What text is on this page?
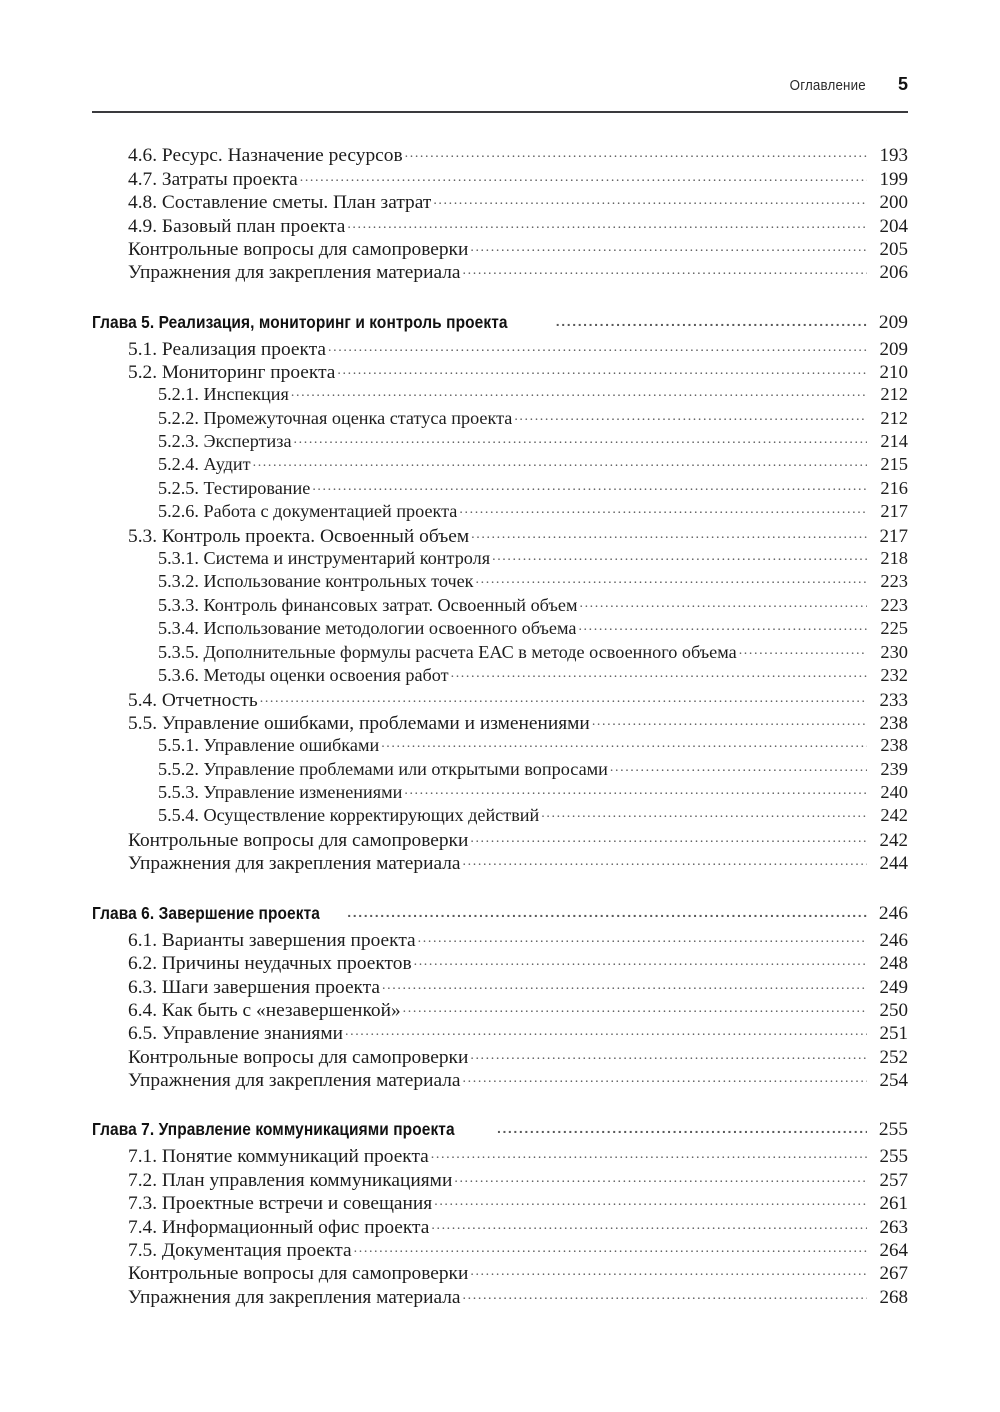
Оглавление	5
4.6. Ресурс. Назначение ресурсов .....	193
4.7. Затраты проекта .....	199
4.8. Составление сметы. План затрат .....	200
4.9. Базовый план проекта .....	204
Контрольные вопросы для самопроверки .....	205
Упражнения для закрепления материала .....	206
Глава 5. Реализация, мониторинг и контроль проекта .....	209
5.1. Реализация проекта .....	209
5.2. Мониторинг проекта .....	210
5.2.1. Инспекция .....	212
5.2.2. Промежуточная оценка статуса проекта .....	212
5.2.3. Экспертиза .....	214
5.2.4. Аудит .....	215
5.2.5. Тестирование .....	216
5.2.6. Работа с документацией проекта .....	217
5.3. Контроль проекта. Освоенный объем .....	217
5.3.1. Система и инструментарий контроля .....	218
5.3.2. Использование контрольных точек .....	223
5.3.3. Контроль финансовых затрат. Освоенный объем .....	223
5.3.4. Использование методологии освоенного объема .....	225
5.3.5. Дополнительные формулы расчета ЕАС в методе освоенного объема .....	230
5.3.6. Методы оценки освоения работ .....	232
5.4. Отчетность .....	233
5.5. Управление ошибками, проблемами и изменениями .....	238
5.5.1. Управление ошибками .....	238
5.5.2. Управление проблемами или открытыми вопросами .....	239
5.5.3. Управление изменениями .....	240
5.5.4. Осуществление корректирующих действий .....	242
Контрольные вопросы для самопроверки .....	242
Упражнения для закрепления материала .....	244
Глава 6. Завершение проекта .....	246
6.1. Варианты завершения проекта .....	246
6.2. Причины неудачных проектов .....	248
6.3. Шаги завершения проекта .....	249
6.4. Как быть с «незавершенкой» .....	250
6.5. Управление знаниями .....	251
Контрольные вопросы для самопроверки .....	252
Упражнения для закрепления материала .....	254
Глава 7. Управление коммуникациями проекта .....	255
7.1. Понятие коммуникаций проекта .....	255
7.2. План управления коммуникациями .....	257
7.3. Проектные встречи и совещания .....	261
7.4. Информационный офис проекта .....	263
7.5. Документация проекта .....	264
Контрольные вопросы для самопроверки .....	267
Упражнения для закрепления материала .....	268
